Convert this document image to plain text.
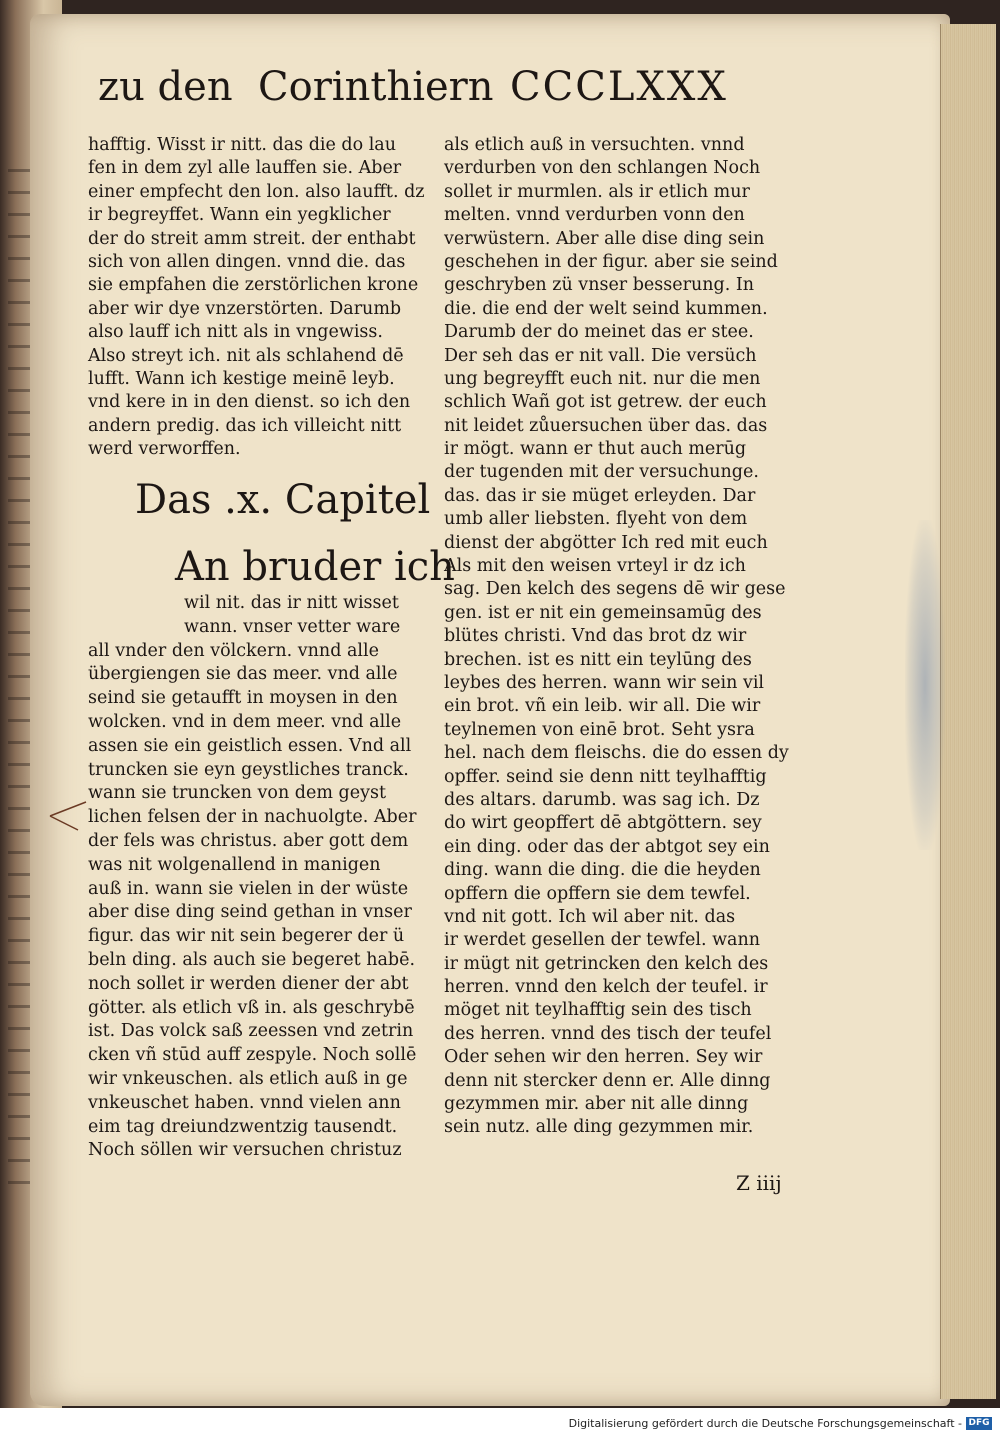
zu den Corinthiern CCCLXXX
hafftig. Wisst ir nitt. das die do lau
fen in dem zyl alle lauffen sie. Aber
einer empfecht den lon. also laufft. dz
ir begreyffet. Wann ein yegklicher
der do streit amm streit. der enthabt
sich von allen dingen. vnnd die. das
sie empfahen die zerstörlichen krone
aber wir dye vnzerstörten. Darumb
also lauff ich nitt als in vngewiss.
Also streyt ich. nit als schlahend dē
lufft. Wann ich kestige meinē leyb.
vnd kere in in den dienst. so ich den
andern predig. das ich villeicht nitt
werd verworffen.
Das .x. Capitel
An bruder ich
wil nit. das ir nitt wisset
wann. vnser vetter ware
all vnder den völckern. vnnd alle
übergiengen sie das meer. vnd alle
seind sie getaufft in moysen in den
wolcken. vnd in dem meer. vnd alle
assen sie ein geistlich essen. Vnd all
truncken sie eyn geystliches tranck.
wann sie truncken von dem geyst
lichen felsen der in nachuolgte. Aber
der fels was christus. aber gott dem
was nit wolgenallend in manigen
auß in. wann sie vielen in der wüste
aber dise ding seind gethan in vnser
figur. das wir nit sein begerer der ü
beln ding. als auch sie begeret habē.
noch sollet ir werden diener der abt
götter. als etlich vß in. als geschrybē
ist. Das volck saß zeessen vnd zetrin
cken vñ stūd auff zespyle. Noch sollē
wir vnkeuschen. als etlich auß in ge
vnkeuschet haben. vnnd vielen ann
eim tag dreiundzwentzig tausendt.
Noch söllen wir versuchen christuz
als etlich auß in versuchten. vnnd
verdurben von den schlangen Noch
sollet ir murmlen. als ir etlich mur
melten. vnnd verdurben vonn den
verwüstern. Aber alle dise ding sein
geschehen in der figur. aber sie seind
geschryben zü vnser besserung. In
die. die end der welt seind kummen.
Darumb der do meinet das er stee.
Der seh das er nit vall. Die versüch
ung begreyfft euch nit. nur die men
schlich Wañ got ist getrew. der euch
nit leidet zůuersuchen über das. das
ir mögt. wann er thut auch merūg
der tugenden mit der versuchunge.
das. das ir sie müget erleyden. Dar
umb aller liebsten. flyeht von dem
dienst der abgötter Ich red mit euch
Als mit den weisen vrteyl ir dz ich
sag. Den kelch des segens dē wir gese
gen. ist er nit ein gemeinsamūg des
blütes christi. Vnd das brot dz wir
brechen. ist es nitt ein teylūng des
leybes des herren. wann wir sein vil
ein brot. vñ ein leib. wir all. Die wir
teylnemen von einē brot. Seht ysra
hel. nach dem fleischs. die do essen dy
opffer. seind sie denn nitt teylhafftig
des altars. darumb. was sag ich. Dz
do wirt geopffert dē abtgöttern. sey
ein ding. oder das der abtgot sey ein
ding. wann die ding. die die heyden
opffern die opffern sie dem tewfel.
vnd nit gott. Ich wil aber nit. das
ir werdet gesellen der tewfel. wann
ir mügt nit getrincken den kelch des
herren. vnnd den kelch der teufel. ir
möget nit teylhafftig sein des tisch
des herren. vnnd des tisch der teufel
Oder sehen wir den herren. Sey wir
denn nit stercker denn er. Alle dinng
gezymmen mir. aber nit alle dinng
sein nutz. alle ding gezymmen mir.
Z iiij
Digitalisierung gefördert durch die Deutsche Forschungsgemeinschaft - DFG
